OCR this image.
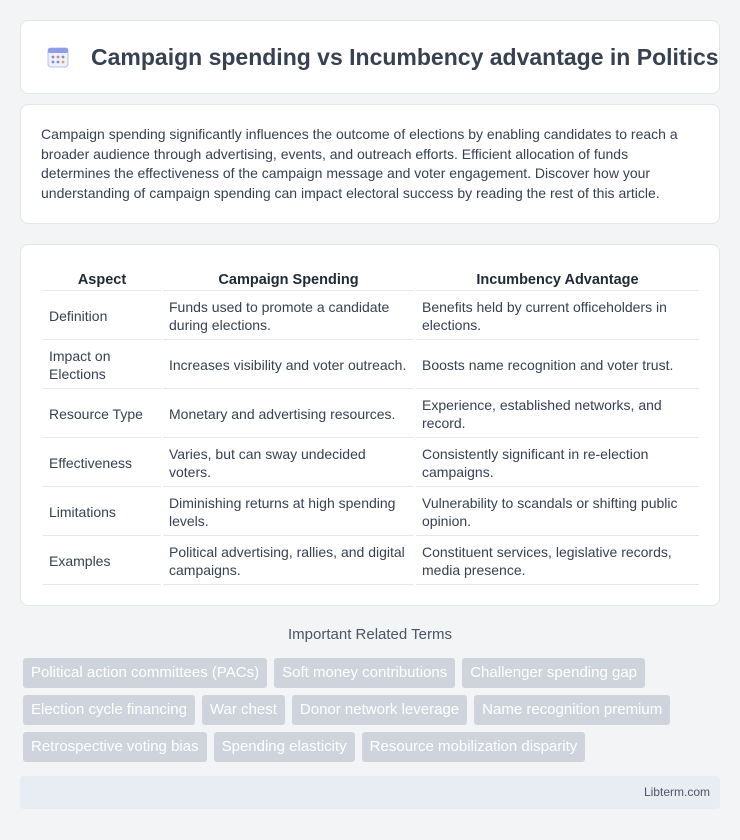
Campaign spending vs Incumbency advantage in Politics

Campaign spending significantly influences the outcome of elections by enabling candidates to reach a broader audience through advertising, events, and outreach efforts. Efficient allocation of funds determines the effectiveness of the campaign message and voter engagement. Discover how your understanding of campaign spending can impact electoral success by reading the rest of this article.

Aspect	Campaign Spending	Incumbency Advantage
Definition	Funds used to promote a candidate during elections.	Benefits held by current officeholders in elections.
Impact on Elections	Increases visibility and voter outreach.	Boosts name recognition and voter trust.
Resource Type	Monetary and advertising resources.	Experience, established networks, and record.
Effectiveness	Varies, but can sway undecided voters.	Consistently significant in re-election campaigns.
Limitations	Diminishing returns at high spending levels.	Vulnerability to scandals or shifting public opinion.
Examples	Political advertising, rallies, and digital campaigns.	Constituent services, legislative records, media presence.
Important Related Terms
Political action committees (PACs)	Soft money contributions	Challenger spending gap
Election cycle financing	War chest	Donor network leverage	Name recognition premium
Retrospective voting bias	Spending elasticity	Resource mobilization disparity
Libterm.com
